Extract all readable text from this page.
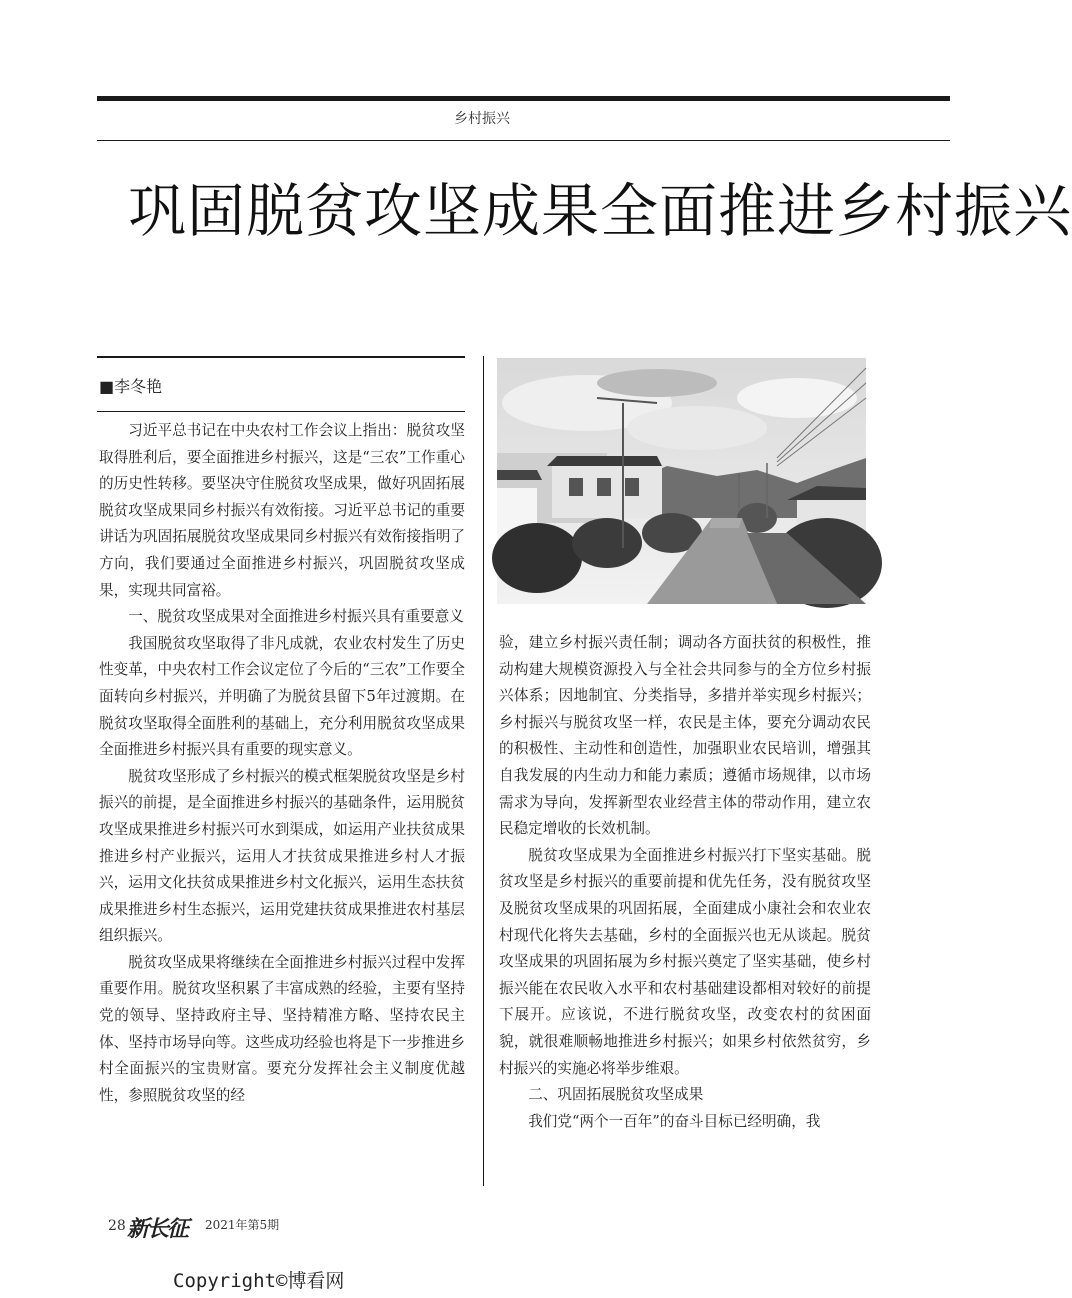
乡村振兴
巩固脱贫攻坚成果全面推进乡村振兴
■李冬艳

习近平总书记在中央农村工作会议上指出：脱贫攻坚取得胜利后，要全面推进乡村振兴，这是“三农”工作重心的历史性转移。要坚决守住脱贫攻坚成果，做好巩固拓展脱贫攻坚成果同乡村振兴有效衔接。习近平总书记的重要讲话为巩固拓展脱贫攻坚成果同乡村振兴有效衔接指明了方向，我们要通过全面推进乡村振兴，巩固脱贫攻坚成果，实现共同富裕。

一、脱贫攻坚成果对全面推进乡村振兴具有重要意义

我国脱贫攻坚取得了非凡成就，农业农村发生了历史性变革，中央农村工作会议定位了今后的“三农”工作要全面转向乡村振兴，并明确了为脱贫县留下5年过渡期。在脱贫攻坚取得全面胜利的基础上，充分利用脱贫攻坚成果全面推进乡村振兴具有重要的现实意义。

脱贫攻坚形成了乡村振兴的模式框架脱贫攻坚是乡村振兴的前提，是全面推进乡村振兴的基础条件，运用脱贫攻坚成果推进乡村振兴可水到渠成，如运用产业扶贫成果推进乡村产业振兴，运用人才扶贫成果推进乡村人才振兴，运用文化扶贫成果推进乡村文化振兴，运用生态扶贫成果推进乡村生态振兴，运用党建扶贫成果推进农村基层组织振兴。

脱贫攻坚成果将继续在全面推进乡村振兴过程中发挥重要作用。脱贫攻坚积累了丰富成熟的经验，主要有坚持党的领导、坚持政府主导、坚持精准方略、坚持农民主体、坚持市场导向等。这些成功经验也将是下一步推进乡村全面振兴的宝贵财富。要充分发挥社会主义制度优越性，参照脱贫攻坚的经

验，建立乡村振兴责任制；调动各方面扶贫的积极性，推动构建大规模资源投入与全社会共同参与的全方位乡村振兴体系；因地制宜、分类指导，多措并举实现乡村振兴；乡村振兴与脱贫攻坚一样，农民是主体，要充分调动农民的积极性、主动性和创造性，加强职业农民培训，增强其自我发展的内生动力和能力素质；遵循市场规律，以市场需求为导向，发挥新型农业经营主体的带动作用，建立农民稳定增收的长效机制。

脱贫攻坚成果为全面推进乡村振兴打下坚实基础。脱贫攻坚是乡村振兴的重要前提和优先任务，没有脱贫攻坚及脱贫攻坚成果的巩固拓展，全面建成小康社会和农业农村现代化将失去基础，乡村的全面振兴也无从谈起。脱贫攻坚成果的巩固拓展为乡村振兴奠定了坚实基础，使乡村振兴能在农民收入水平和农村基础建设都相对较好的前提下展开。应该说，不进行脱贫攻坚，改变农村的贫困面貌，就很难顺畅地推进乡村振兴；如果乡村依然贫穷，乡村振兴的实施必将举步维艰。

二、巩固拓展脱贫攻坚成果

我们党“两个一百年”的奋斗目标已经明确，我

28 新长征 2021年第5期
Copyright©博看网
